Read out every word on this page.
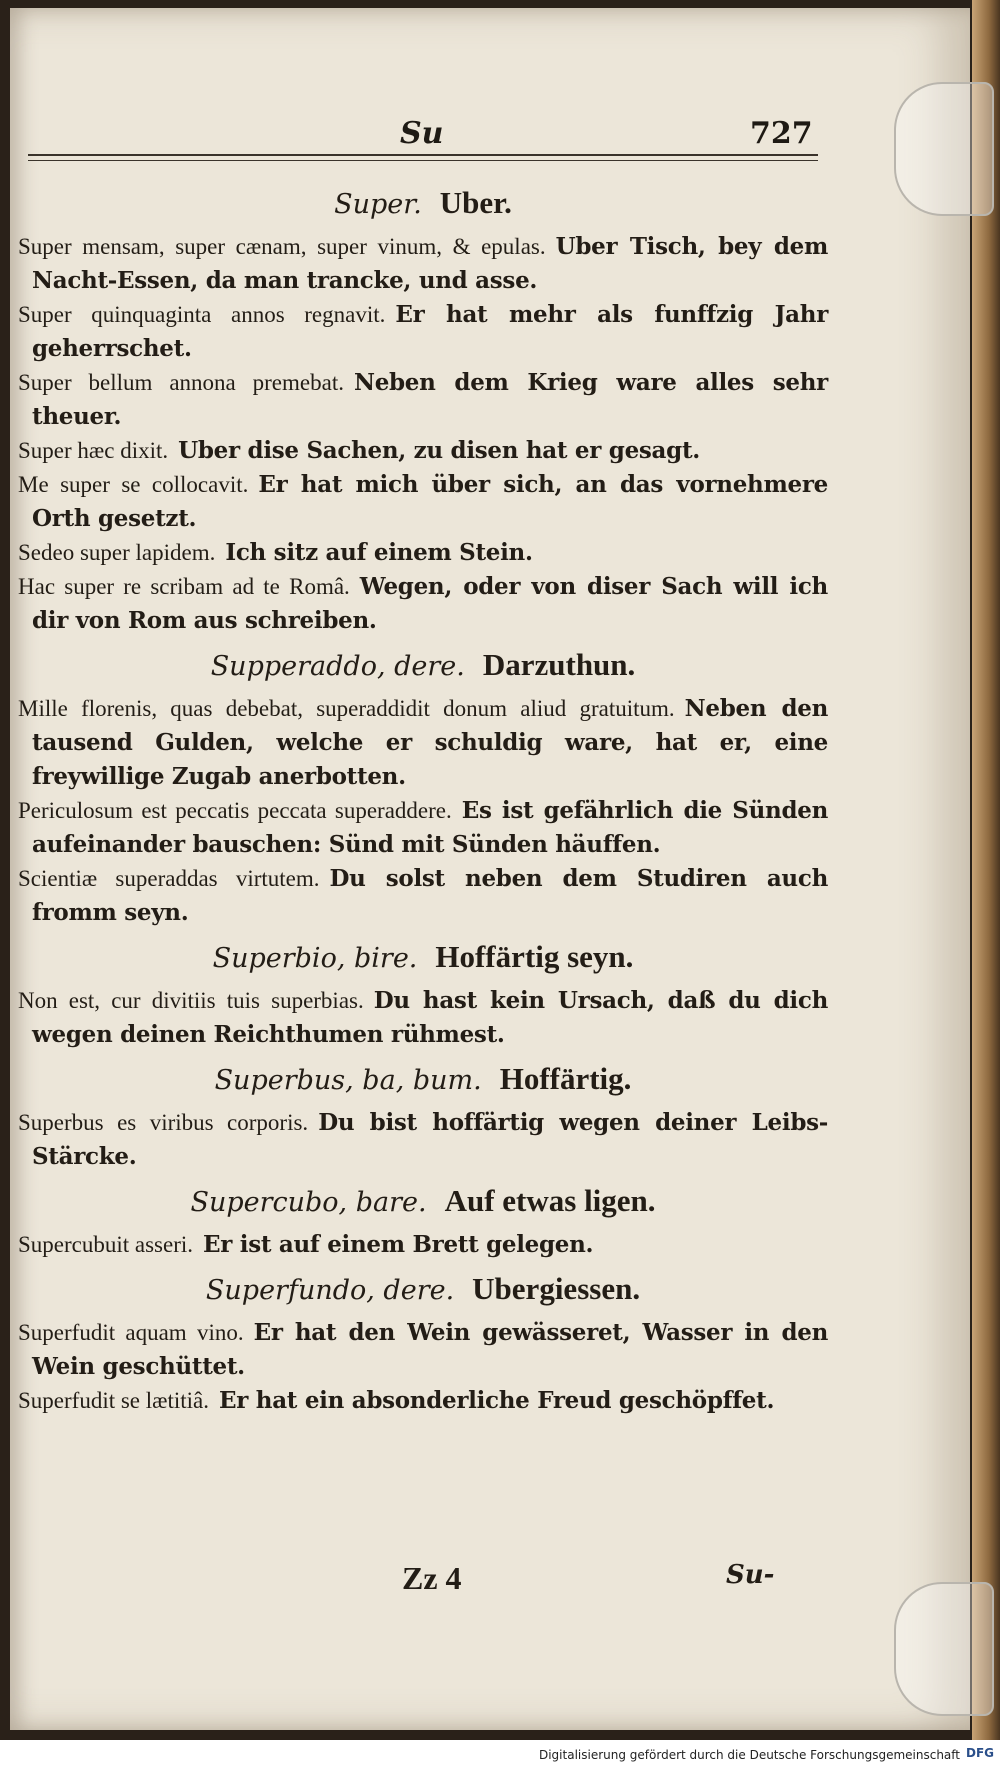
Su	727
Super. Uber.

Super mensam, super cænam, super vinum, & epulas. Uber Tisch, bey dem Nacht-Essen, da man trancke, und asse.

Super quinquaginta annos regnavit. Er hat mehr als funffzig Jahr geherrschet.

Super bellum annona premebat. Neben dem Krieg ware alles sehr theuer.

Super hæc dixit. Uber dise Sachen, zu disen hat er gesagt.

Me super se collocavit. Er hat mich über sich, an das vornehmere Orth gesetzt.

Sedeo super lapidem. Ich sitz auf einem Stein.

Hac super re scribam ad te Româ. Wegen, oder von diser Sach will ich dir von Rom aus schreiben.

Supperaddo, dere. Darzuthun.

Mille florenis, quas debebat, superaddidit donum aliud gratuitum. Neben den tausend Gulden, welche er schuldig ware, hat er, eine freywillige Zugab anerbotten.

Periculosum est peccatis peccata superaddere. Es ist gefährlich die Sünden aufeinander bauschen: Sünd mit Sünden häuffen.

Scientiæ superaddas virtutem. Du solst neben dem Studiren auch fromm seyn.

Superbio, bire. Hoffärtig seyn.

Non est, cur divitiis tuis superbias. Du hast kein Ursach, daß du dich wegen deinen Reichthumen rühmest.

Superbus, ba, bum. Hoffärtig.

Superbus es viribus corporis. Du bist hoffärtig wegen deiner Leibs-Stärcke.

Supercubo, bare. Auf etwas ligen.

Supercubuit asseri. Er ist auf einem Brett gelegen.

Superfundo, dere. Ubergiessen.

Superfudit aquam vino. Er hat den Wein gewässeret, Wasser in den Wein geschüttet.

Superfudit se lætitiâ. Er hat ein absonderliche Freud geschöpffet.

Zz 4	Su-
Digitalisierung gefördert durch die Deutsche Forschungsgemeinschaft DFG
